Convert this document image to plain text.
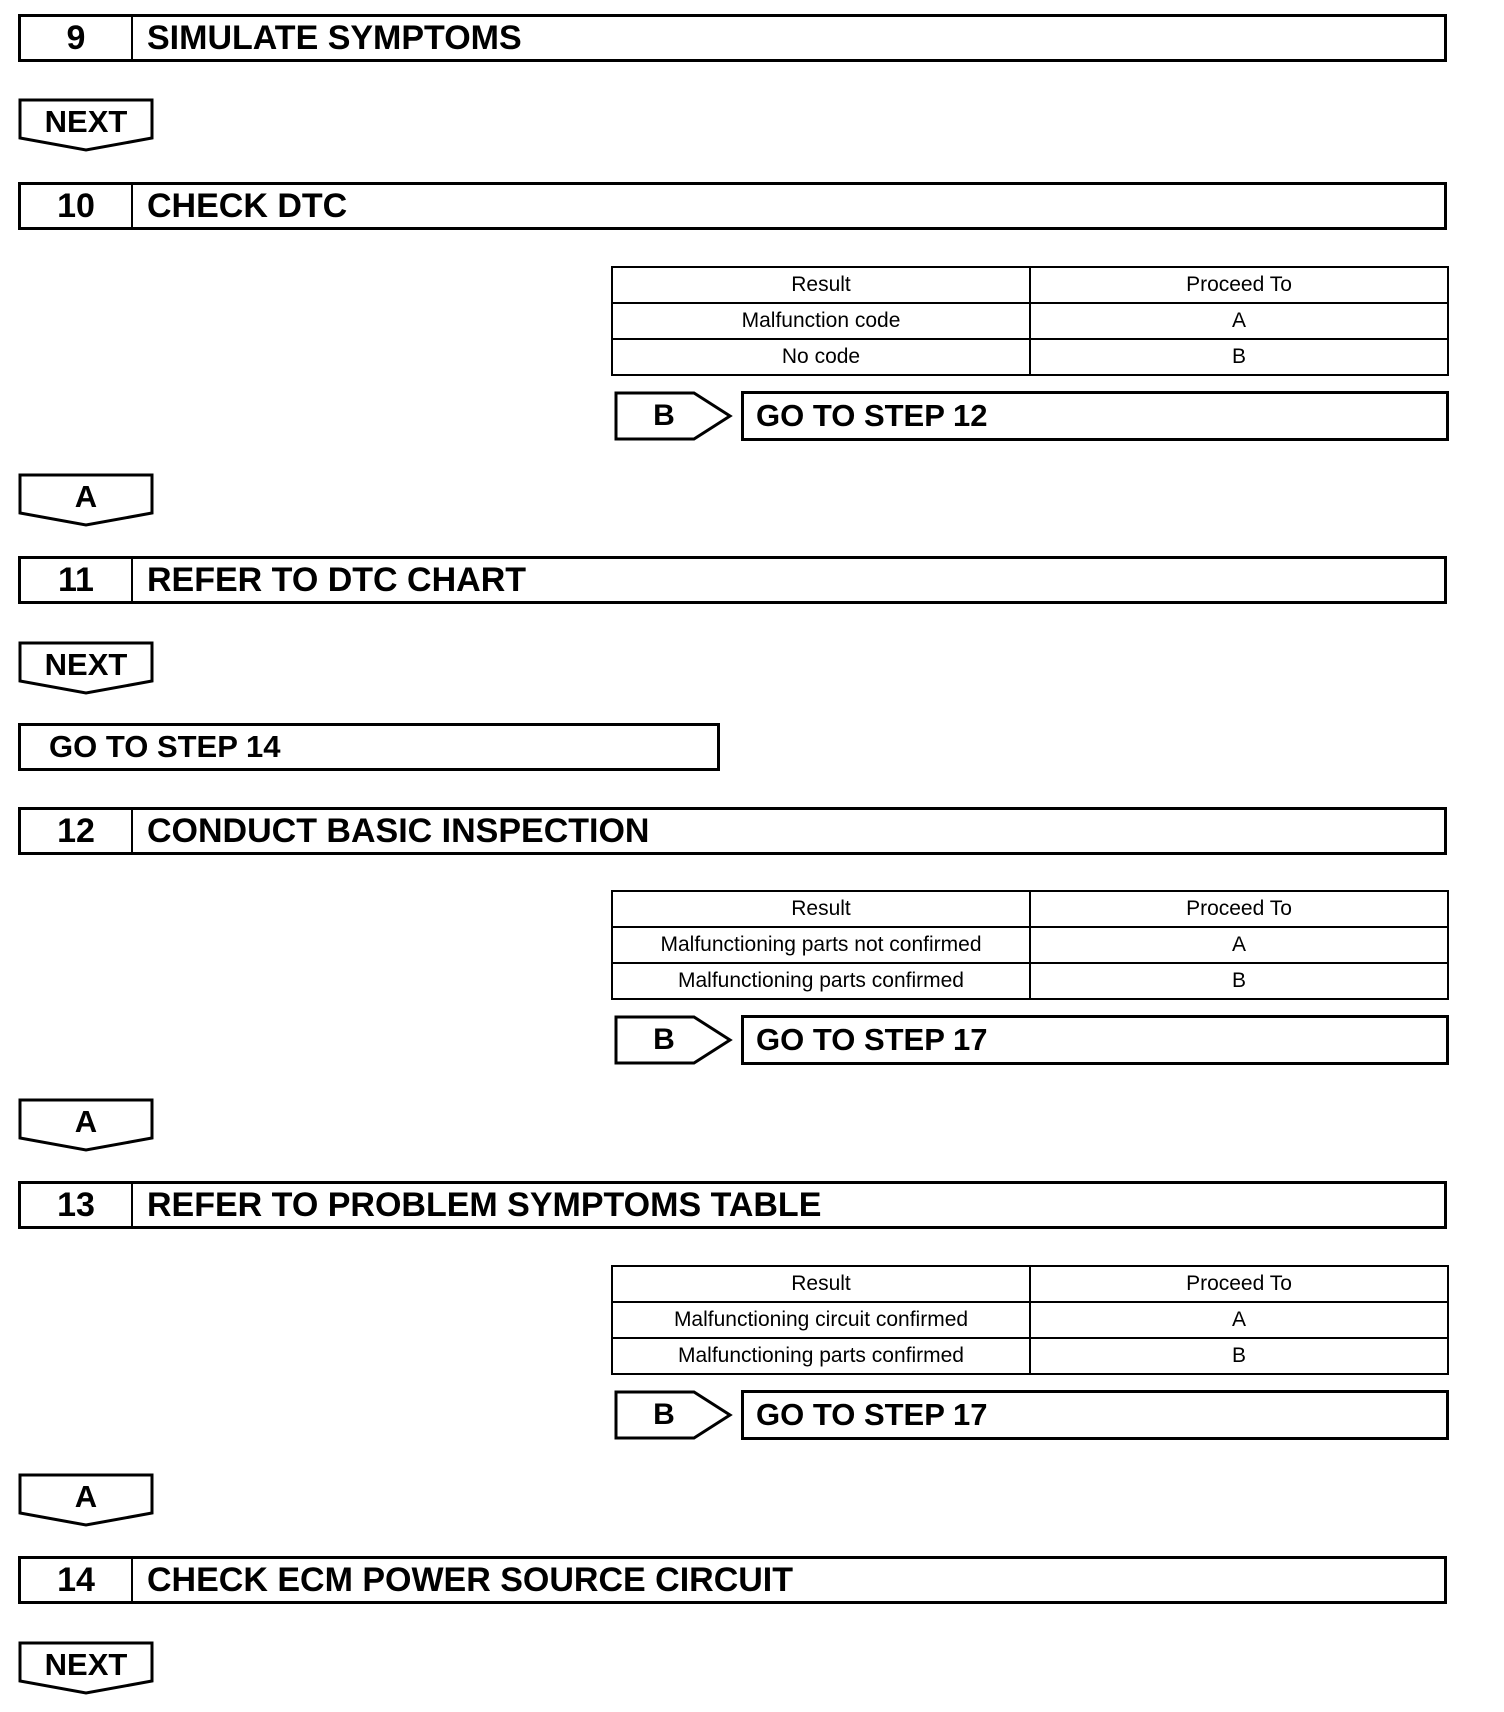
9	SIMULATE SYMPTOMS
NEXT
10	CHECK DTC
Result	Proceed To
Malfunction code	A
No code	B
B	GO TO STEP 12
A
11	REFER TO DTC CHART
NEXT
GO TO STEP 14
12	CONDUCT BASIC INSPECTION
Result	Proceed To
Malfunctioning parts not confirmed	A
Malfunctioning parts confirmed	B
B	GO TO STEP 17
A
13	REFER TO PROBLEM SYMPTOMS TABLE
Result	Proceed To
Malfunctioning circuit confirmed	A
Malfunctioning parts confirmed	B
B	GO TO STEP 17
A
14	CHECK ECM POWER SOURCE CIRCUIT
NEXT
